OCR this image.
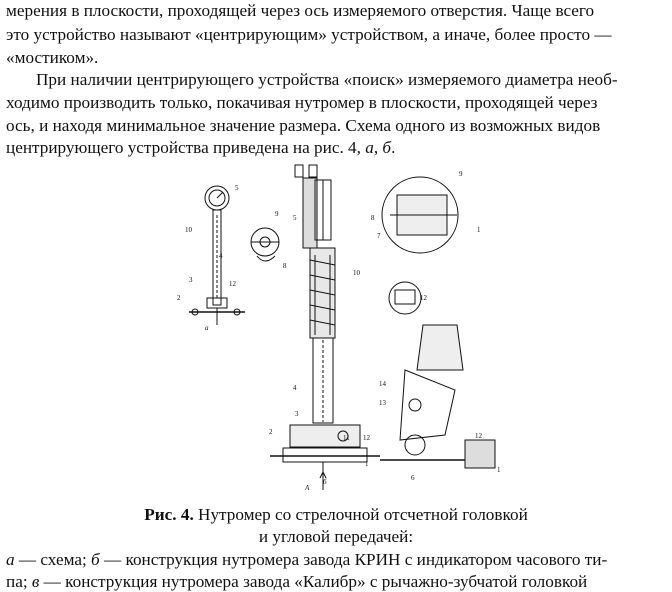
мерения в плоскости, проходящей через ось измеряемого отверстия. Чаще всего
это устройство называют «центрирующим» устройством, а иначе, более просто —
«мостиком».
При наличии центрирующего устройства «поиск» измеряемого диаметра необ-
ходимо производить только, покачивая нутромер в плоскости, проходящей через
ось, и находя минимальное значение размера. Схема одного из возможных видов
центрирующего устройства приведена на рис. 4, а, б.
5
10
4
3
2
12
а
9
8
5
10
4
3
2
11 12
1
А
б
9
8
7
1
12
14
13
12
1
6
Рис. 4. Нутромер со стрелочной отсчетной головкой
и угловой передачей:
а — схема; б — конструкция нутромера завода КРИН с индикатором часового ти-
па; в — конструкция нутромера завода «Калибр» с рычажно-зубчатой головкой
